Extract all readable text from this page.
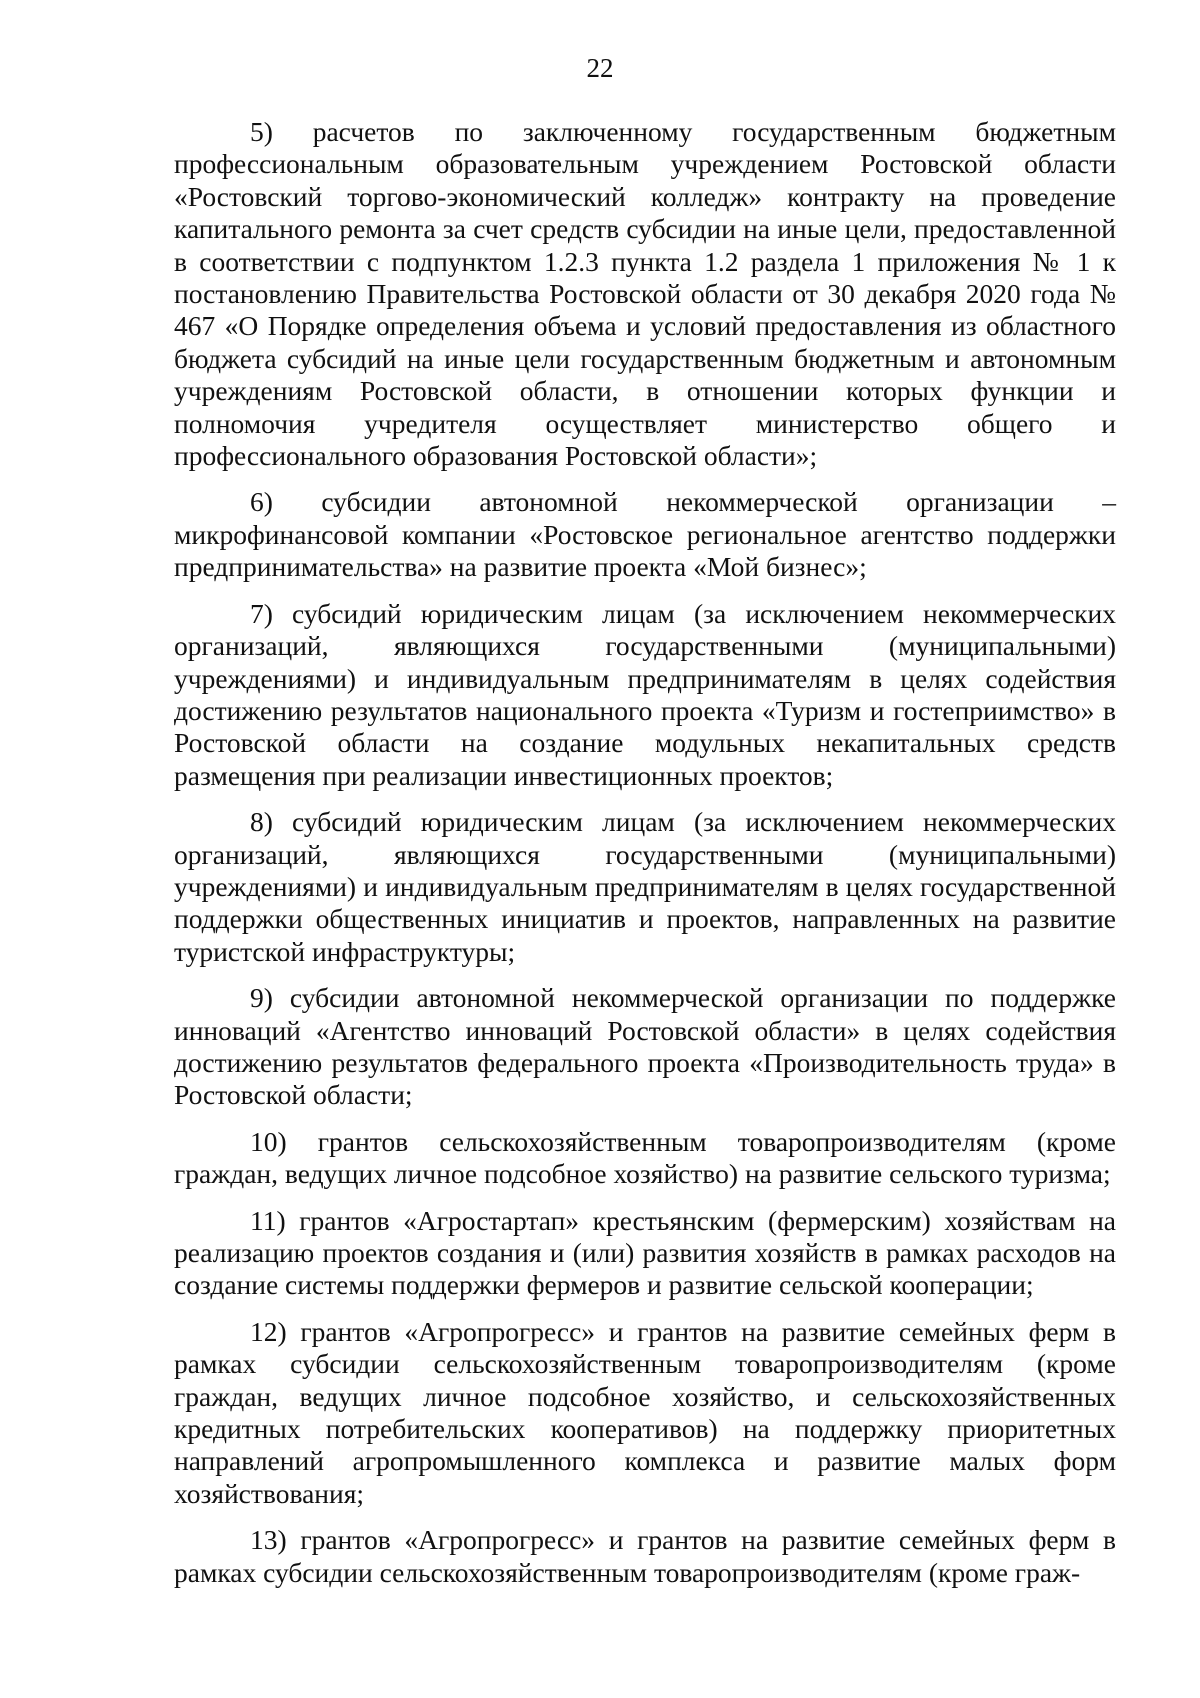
22

5) расчетов по заключенному государственным бюджетным профессиональным образовательным учреждением Ростовской области «Ростовский торгово-экономический колледж» контракту на проведение капитального ремонта за счет средств субсидии на иные цели, предоставленной в соответствии с подпунктом 1.2.3 пункта 1.2 раздела 1 приложения № 1 к постановлению Правительства Ростовской области от 30 декабря 2020 года № 467 «О Порядке определения объема и условий предоставления из областного бюджета субсидий на иные цели государственным бюджетным и автономным учреждениям Ростовской области, в отношении которых функции и полномочия учредителя осуществляет министерство общего и профессионального образования Ростовской области»;

6) субсидии автономной некоммерческой организации – микрофинансовой компании «Ростовское региональное агентство поддержки предпринимательства» на развитие проекта «Мой бизнес»;

7) субсидий юридическим лицам (за исключением некоммерческих организаций, являющихся государственными (муниципальными) учреждениями) и индивидуальным предпринимателям в целях содействия достижению результатов национального проекта «Туризм и гостеприимство» в Ростовской области на создание модульных некапитальных средств размещения при реализации инвестиционных проектов;

8) субсидий юридическим лицам (за исключением некоммерческих организаций, являющихся государственными (муниципальными) учреждениями) и индивидуальным предпринимателям в целях государственной поддержки общественных инициатив и проектов, направленных на развитие туристской инфраструктуры;

9) субсидии автономной некоммерческой организации по поддержке инноваций «Агентство инноваций Ростовской области» в целях содействия достижению результатов федерального проекта «Производительность труда» в Ростовской области;

10) грантов сельскохозяйственным товаропроизводителям (кроме граждан, ведущих личное подсобное хозяйство) на развитие сельского туризма;

11) грантов «Агростартап» крестьянским (фермерским) хозяйствам на реализацию проектов создания и (или) развития хозяйств в рамках расходов на создание системы поддержки фермеров и развитие сельской кооперации;

12) грантов «Агропрогресс» и грантов на развитие семейных ферм в рамках субсидии сельскохозяйственным товаропроизводителям (кроме граждан, ведущих личное подсобное хозяйство, и сельскохозяйственных кредитных потребительских кооперативов) на поддержку приоритетных направлений агропромышленного комплекса и развитие малых форм хозяйствования;

13) грантов «Агропрогресс» и грантов на развитие семейных ферм в рамках субсидии сельскохозяйственным товаропроизводителям (кроме граж-
